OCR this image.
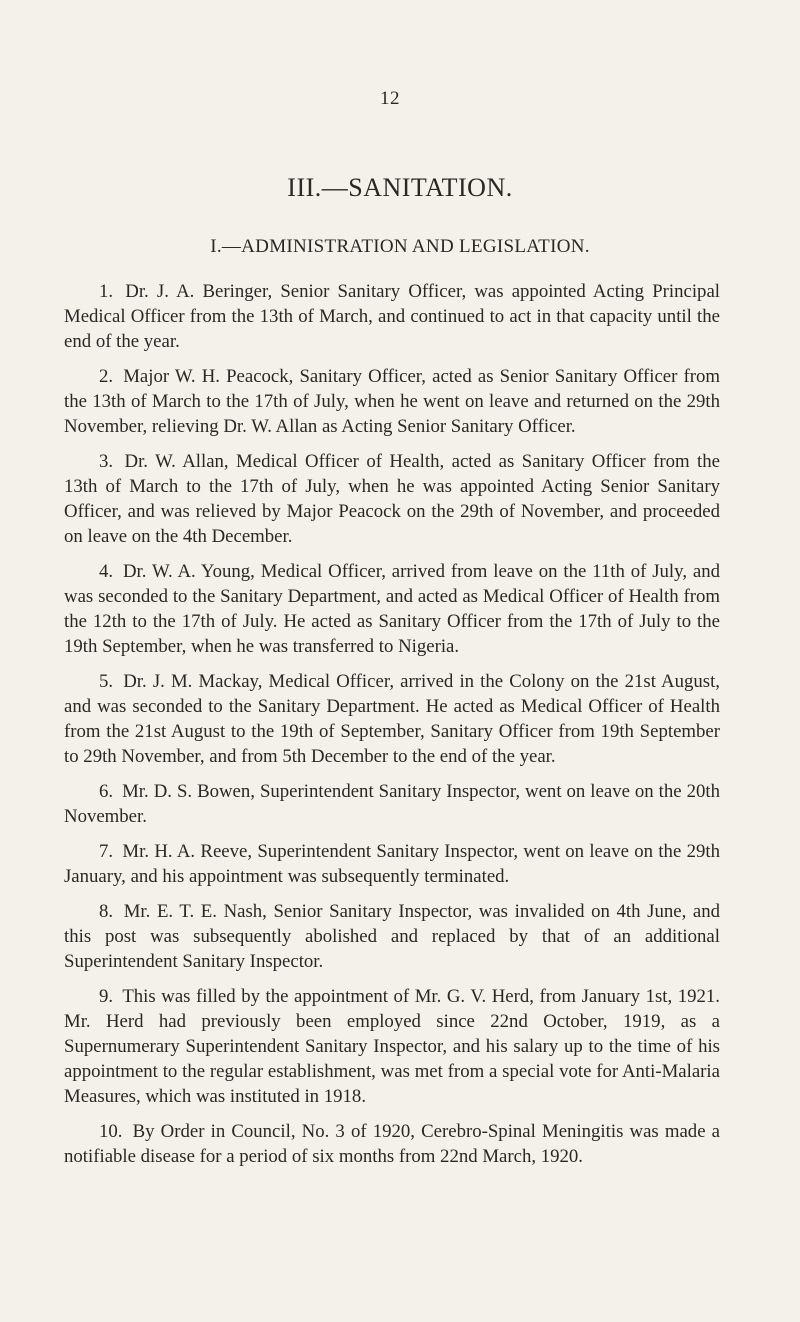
12
III.—SANITATION.
I.—ADMINISTRATION AND LEGISLATION.

1. Dr. J. A. Beringer, Senior Sanitary Officer, was appointed Acting Principal Medical Officer from the 13th of March, and continued to act in that capacity until the end of the year.

2. Major W. H. Peacock, Sanitary Officer, acted as Senior Sanitary Officer from the 13th of March to the 17th of July, when he went on leave and returned on the 29th November, relieving Dr. W. Allan as Acting Senior Sanitary Officer.

3. Dr. W. Allan, Medical Officer of Health, acted as Sanitary Officer from the 13th of March to the 17th of July, when he was appointed Acting Senior Sanitary Officer, and was relieved by Major Peacock on the 29th of November, and proceeded on leave on the 4th December.

4. Dr. W. A. Young, Medical Officer, arrived from leave on the 11th of July, and was seconded to the Sanitary Department, and acted as Medical Officer of Health from the 12th to the 17th of July. He acted as Sanitary Officer from the 17th of July to the 19th September, when he was transferred to Nigeria.

5. Dr. J. M. Mackay, Medical Officer, arrived in the Colony on the 21st August, and was seconded to the Sanitary Department. He acted as Medical Officer of Health from the 21st August to the 19th of September, Sanitary Officer from 19th September to 29th November, and from 5th December to the end of the year.

6. Mr. D. S. Bowen, Superintendent Sanitary Inspector, went on leave on the 20th November.

7. Mr. H. A. Reeve, Superintendent Sanitary Inspector, went on leave on the 29th January, and his appointment was subsequently terminated.

8. Mr. E. T. E. Nash, Senior Sanitary Inspector, was invalided on 4th June, and this post was subsequently abolished and replaced by that of an additional Superintendent Sanitary Inspector.

9. This was filled by the appointment of Mr. G. V. Herd, from January 1st, 1921. Mr. Herd had previously been employed since 22nd October, 1919, as a Supernumerary Superintendent Sanitary Inspector, and his salary up to the time of his appointment to the regular establishment, was met from a special vote for Anti-Malaria Measures, which was instituted in 1918.

10. By Order in Council, No. 3 of 1920, Cerebro-Spinal Meningitis was made a notifiable disease for a period of six months from 22nd March, 1920.
